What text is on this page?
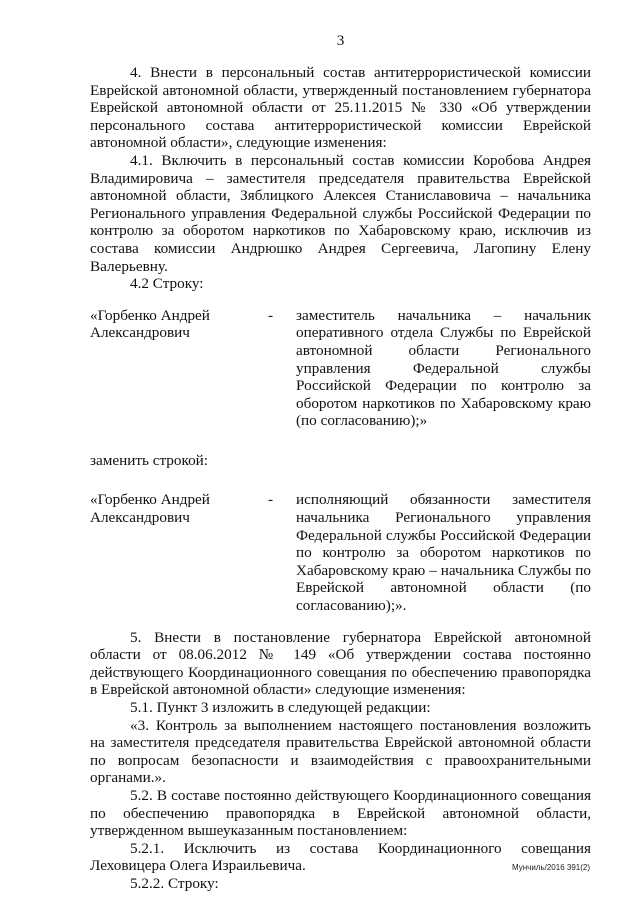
3

4. Внести в персональный состав антитеррористической комиссии Еврейской автономной области, утвержденный постановлением губернатора Еврейской автономной области от 25.11.2015 № 330 «Об утверждении персонального состава антитеррористической комиссии Еврейской автономной области», следующие изменения:

4.1. Включить в персональный состав комиссии Коробова Андрея Владимировича – заместителя председателя правительства Еврейской автономной области, Зяблицкого Алексея Станиславовича – начальника Регионального управления Федеральной службы Российской Федерации по контролю за оборотом наркотиков по Хабаровскому краю, исключив из состава комиссии Андрюшко Андрея Сергеевича, Лагопину Елену Валерьевну.

4.2 Строку:

«Горбенко Андрей Александрович
-	заместитель начальника – начальник оперативного отдела Службы по Еврейской автономной области Регионального управления Федеральной службы Российской Федерации по контролю за оборотом наркотиков по Хабаровскому краю (по согласованию);»

заменить строкой:

«Горбенко Андрей Александрович
-	исполняющий обязанности заместителя начальника Регионального управления Федеральной службы Российской Федерации по контролю за оборотом наркотиков по Хабаровскому краю – начальника Службы по Еврейской автономной области (по согласованию);».

5. Внести в постановление губернатора Еврейской автономной области от 08.06.2012 № 149 «Об утверждении состава постоянно действующего Координационного совещания по обеспечению правопорядка в Еврейской автономной области» следующие изменения:

5.1. Пункт 3 изложить в следующей редакции:

«3. Контроль за выполнением настоящего постановления возложить на заместителя председателя правительства Еврейской автономной области по вопросам безопасности и взаимодействия с правоохранительными органами.».

5.2. В составе постоянно действующего Координационного совещания по обеспечению правопорядка в Еврейской автономной области, утвержденном вышеуказанным постановлением:

5.2.1. Исключить из состава Координационного совещания Леховицера Олега Израильевича.

5.2.2. Строку:

Мунчиль/2016 391(2)
